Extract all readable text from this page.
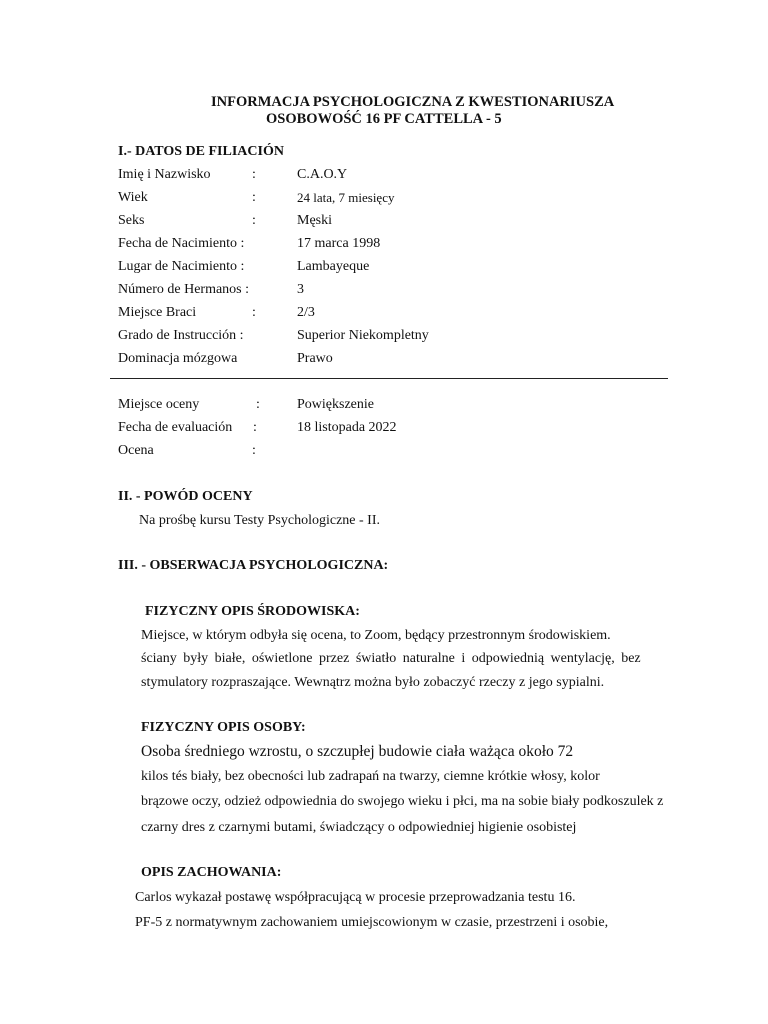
INFORMACJA PSYCHOLOGICZNA Z KWESTIONARIUSZA
OSOBOWOŚĆ 16 PF CATTELLA - 5
I.- DATOS DE FILIACIÓN
Imię i Nazwisko	:	C.A.O.Y
Wiek	:	24 lata, 7 miesięcy
Seks	:	Męski
Fecha de Nacimiento :	17 marca 1998
Lugar de Nacimiento :	Lambayeque
Número de Hermanos :	3
Miejsce Braci	:	2/3
Grado de Instrucción :	Superior Niekompletny
Dominacja mózgowa	Prawo
Miejsce oceny	:	Powiększenie
Fecha de evaluación :	18 listopada 2022
Ocena	:
II. - POWÓD OCENY
Na prośbę kursu Testy Psychologiczne - II.
III. - OBSERWACJA PSYCHOLOGICZNA:
FIZYCZNY OPIS ŚRODOWISKA:
Miejsce, w którym odbyła się ocena, to Zoom, będący przestronnym środowiskiem.
ściany były białe, oświetlone przez światło naturalne i odpowiednią wentylację, bez
stymulatory rozpraszające. Wewnątrz można było zobaczyć rzeczy z jego sypialni.
FIZYCZNY OPIS OSOBY:
Osoba średniego wzrostu, o szczupłej budowie ciała ważąca około 72
kilos tés biały, bez obecności lub zadrapań na twarzy, ciemne krótkie włosy, kolor
brązowe oczy, odzież odpowiednia do swojego wieku i płci, ma na sobie biały podkoszulek z
czarny dres z czarnymi butami, świadczący o odpowiedniej higienie osobistej
OPIS ZACHOWANIA:
Carlos wykazał postawę współpracującą w procesie przeprowadzania testu 16.
PF-5 z normatywnym zachowaniem umiejscowionym w czasie, przestrzeni i osobie,
